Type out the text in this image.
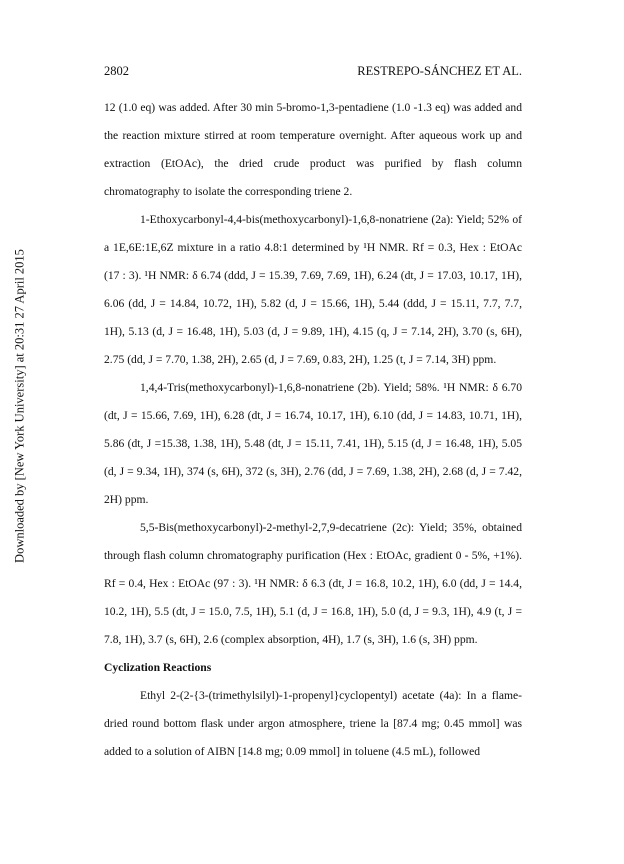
2802	RESTREPO-SÁNCHEZ ET AL.
Downloaded by [New York University] at 20:31 27 April 2015

12 (1.0 eq) was added. After 30 min 5-bromo-1,3-pentadiene (1.0 -1.3 eq) was added and the reaction mixture stirred at room temperature overnight. After aqueous work up and extraction (EtOAc), the dried crude product was purified by flash column chromatography to isolate the corresponding triene 2.

1-Ethoxycarbonyl-4,4-bis(methoxycarbonyl)-1,6,8-nonatriene (2a): Yield; 52% of a 1E,6E:1E,6Z mixture in a ratio 4.8:1 determined by ¹H NMR. Rf = 0.3, Hex : EtOAc (17 : 3). ¹H NMR: δ 6.74 (ddd, J = 15.39, 7.69, 7.69, 1H), 6.24 (dt, J = 17.03, 10.17, 1H), 6.06 (dd, J = 14.84, 10.72, 1H), 5.82 (d, J = 15.66, 1H), 5.44 (ddd, J = 15.11, 7.7, 7.7, 1H), 5.13 (d, J = 16.48, 1H), 5.03 (d, J = 9.89, 1H), 4.15 (q, J = 7.14, 2H), 3.70 (s, 6H), 2.75 (dd, J = 7.70, 1.38, 2H), 2.65 (d, J = 7.69, 0.83, 2H), 1.25 (t, J = 7.14, 3H) ppm.

1,4,4-Tris(methoxycarbonyl)-1,6,8-nonatriene (2b). Yield; 58%. ¹H NMR: δ 6.70 (dt, J = 15.66, 7.69, 1H), 6.28 (dt, J = 16.74, 10.17, 1H), 6.10 (dd, J = 14.83, 10.71, 1H), 5.86 (dt, J =15.38, 1.38, 1H), 5.48 (dt, J = 15.11, 7.41, 1H), 5.15 (d, J = 16.48, 1H), 5.05 (d, J = 9.34, 1H), 374 (s, 6H), 372 (s, 3H), 2.76 (dd, J = 7.69, 1.38, 2H), 2.68 (d, J = 7.42, 2H) ppm.

5,5-Bis(methoxycarbonyl)-2-methyl-2,7,9-decatriene (2c): Yield; 35%, obtained through flash column chromatography purification (Hex : EtOAc, gradient 0 - 5%, +1%). Rf = 0.4, Hex : EtOAc (97 : 3). ¹H NMR: δ 6.3 (dt, J = 16.8, 10.2, 1H), 6.0 (dd, J = 14.4, 10.2, 1H), 5.5 (dt, J = 15.0, 7.5, 1H), 5.1 (d, J = 16.8, 1H), 5.0 (d, J = 9.3, 1H), 4.9 (t, J = 7.8, 1H), 3.7 (s, 6H), 2.6 (complex absorption, 4H), 1.7 (s, 3H), 1.6 (s, 3H) ppm.

Cyclization Reactions

Ethyl 2-(2-{3-(trimethylsilyl)-1-propenyl}cyclopentyl) acetate (4a): In a flame-dried round bottom flask under argon atmosphere, triene la [87.4 mg; 0.45 mmol] was added to a solution of AIBN [14.8 mg; 0.09 mmol] in toluene (4.5 mL), followed
